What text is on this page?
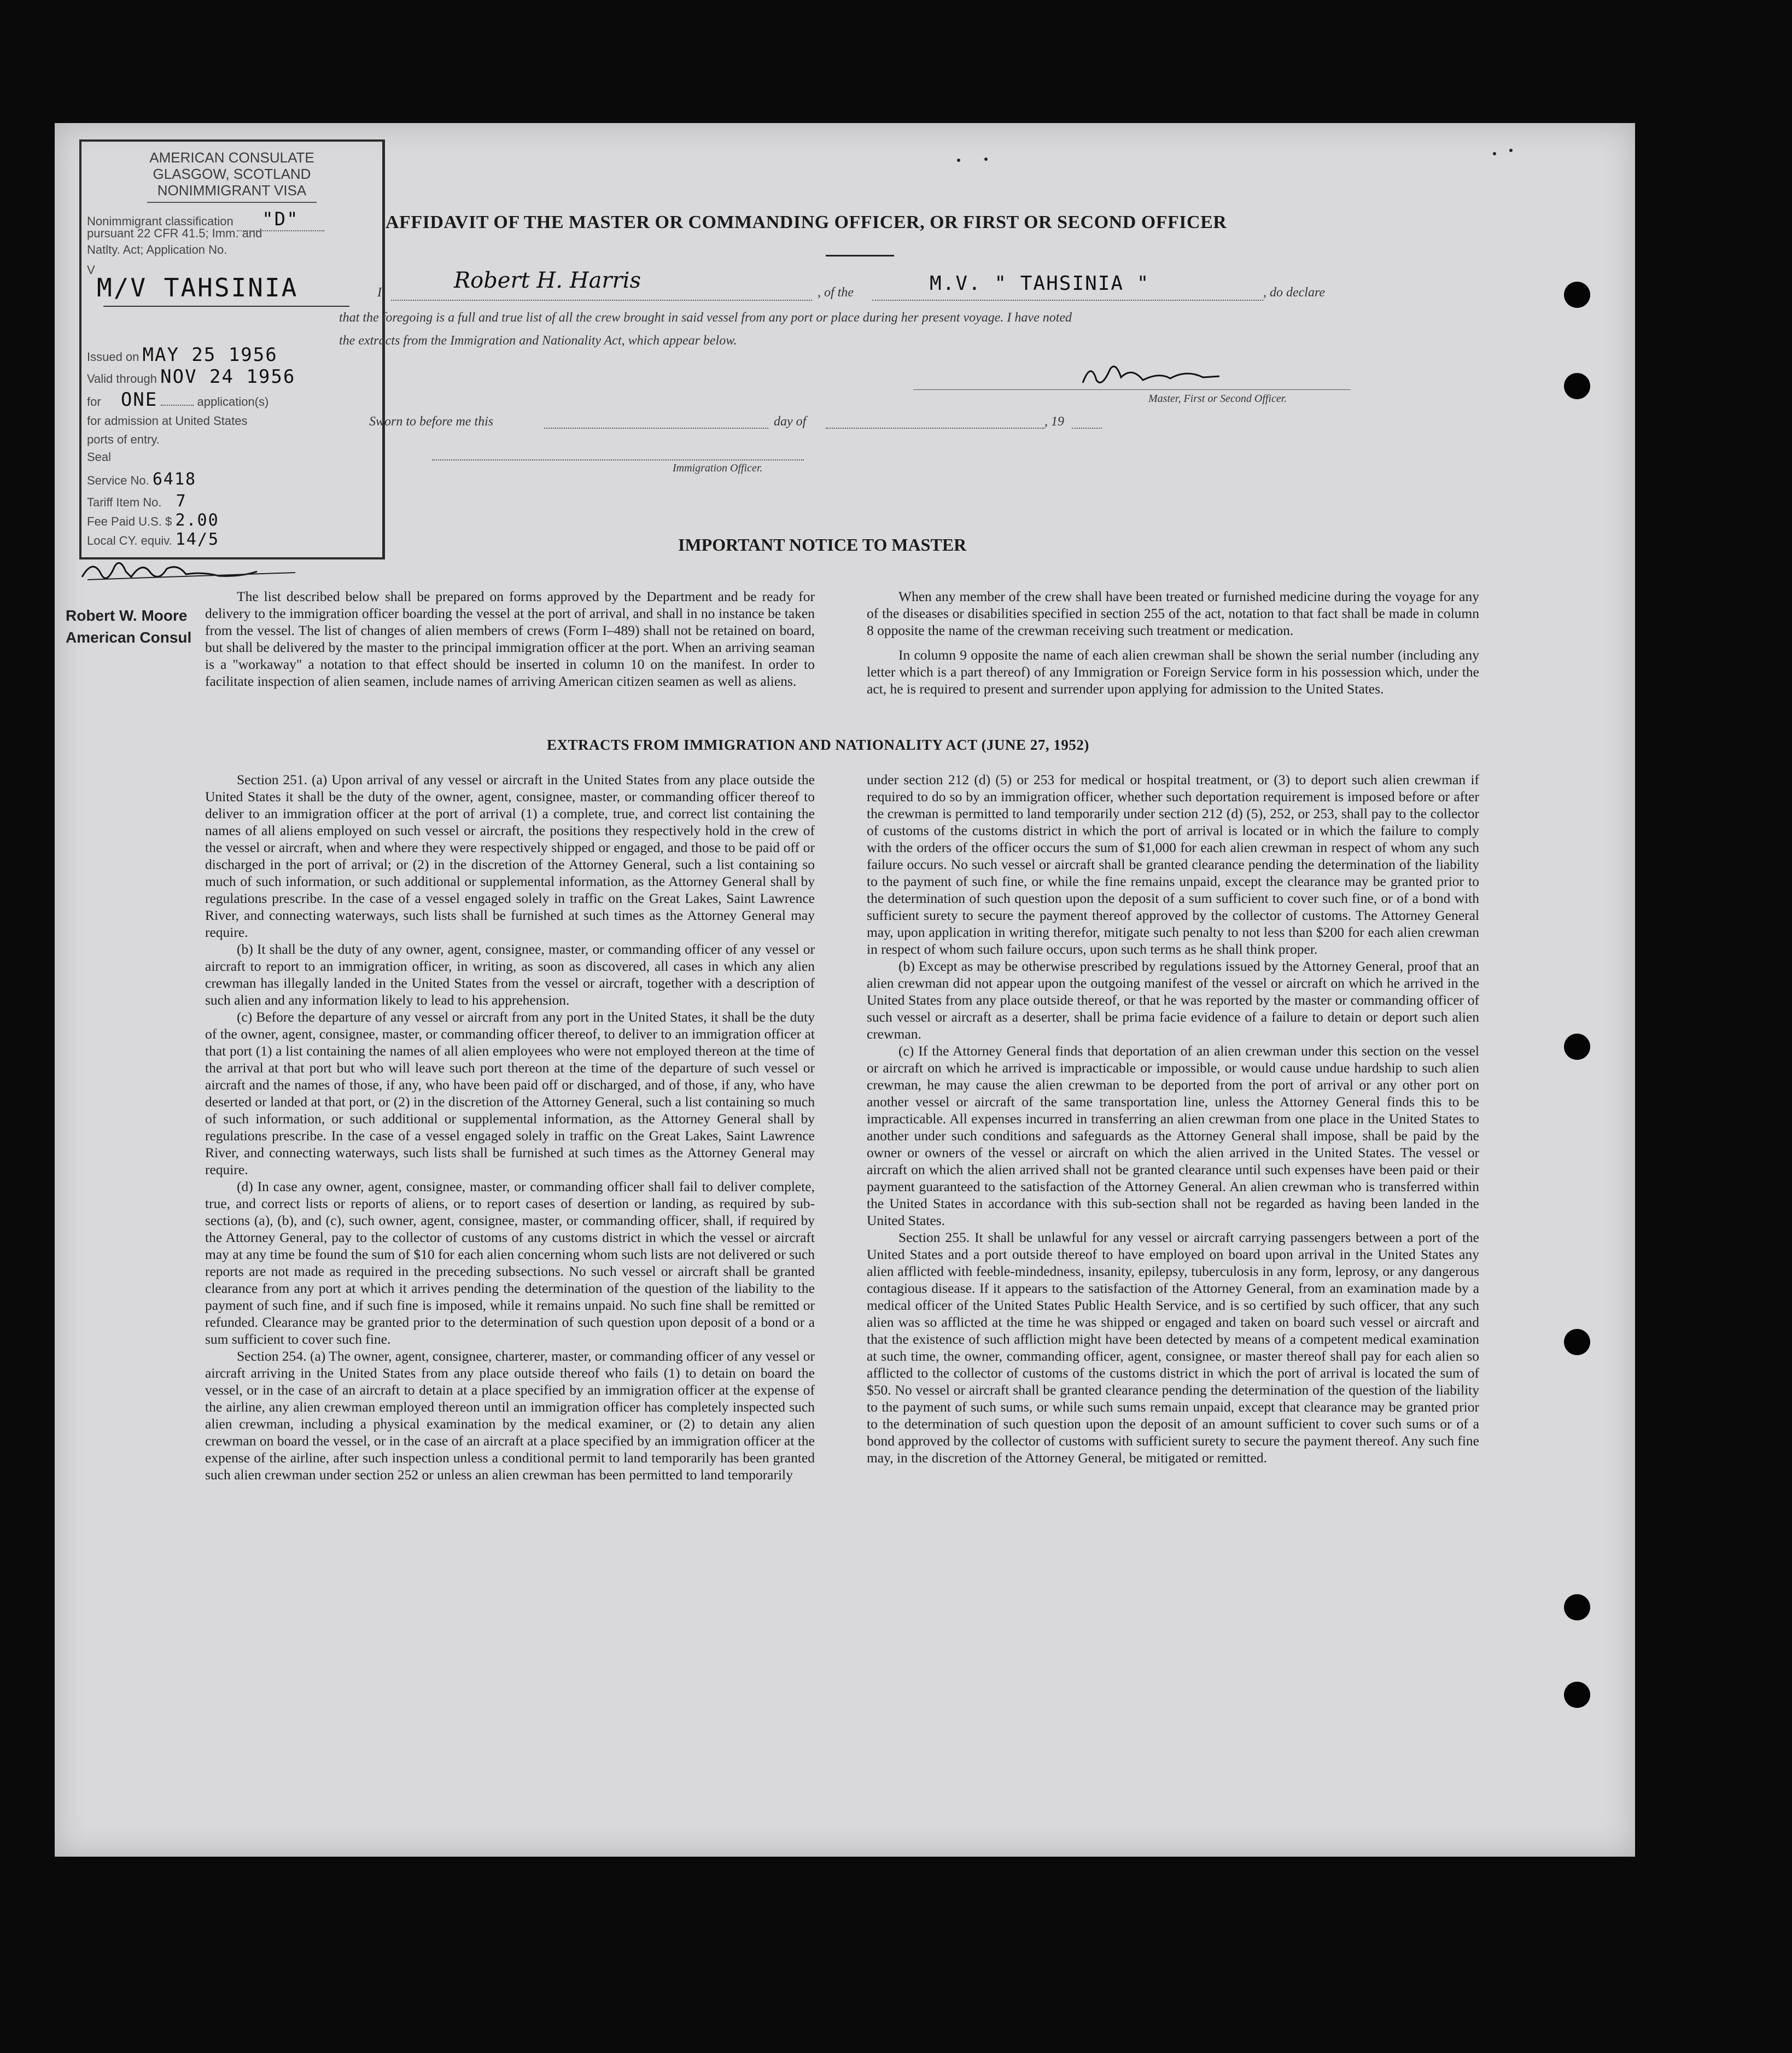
AMERICAN CONSULATE
GLASGOW, SCOTLAND
NONIMMIGRANT VISA
Nonimmigrant classification "D"
pursuant 22 CFR 41.5; Imm. and
Natlty. Act; Application No.
V
M/V TAHSINIA
Issued on MAY 25 1956
Valid through NOV 24 1956
for ONE	application(s)
for admission at United States
ports of entry.
Seal
Service No. 6418
Tariff Item No. 7
Fee Paid U.S. $ 2.00
Local CY. equiv. 14/5
Robert W. Moore
American Consul
AFFIDAVIT OF THE MASTER OR COMMANDING OFFICER, OR FIRST OR SECOND OFFICER
I,	Robert H. Harris	, of the	M.V. " TAHSINIA "	, do declare
that the foregoing is a full and true list of all the crew brought in said vessel from any port or place during her present voyage. I have noted
the extracts from the Immigration and Nationality Act, which appear below.
Master, First or Second Officer.
Sworn to before me this	day of	, 19
Immigration Officer.
IMPORTANT NOTICE TO MASTER

The list described below shall be prepared on forms approved by the Department and be ready for delivery to the immigration officer boarding the vessel at the port of arrival, and shall in no instance be taken from the vessel. The list of changes of alien members of crews (Form I–489) shall not be retained on board, but shall be delivered by the master to the principal immigration officer at the port. When an arriving seaman is a "workaway" a notation to that effect should be inserted in column 10 on the manifest. In order to facilitate inspection of alien seamen, include names of arriving American citizen seamen as well as aliens.

When any member of the crew shall have been treated or furnished medicine during the voyage for any of the diseases or disabilities specified in section 255 of the act, notation to that fact shall be made in column 8 opposite the name of the crewman receiving such treatment or medication.

In column 9 opposite the name of each alien crewman shall be shown the serial number (including any letter which is a part thereof) of any Immigration or Foreign Service form in his possession which, under the act, he is required to present and surrender upon applying for admission to the United States.

EXTRACTS FROM IMMIGRATION AND NATIONALITY ACT (JUNE 27, 1952)

Section 251. (a) Upon arrival of any vessel or aircraft in the United States from any place outside the United States it shall be the duty of the owner, agent, consignee, master, or commanding officer thereof to deliver to an immigration officer at the port of arrival (1) a complete, true, and correct list containing the names of all aliens employed on such vessel or aircraft, the positions they respectively hold in the crew of the vessel or aircraft, when and where they were respectively shipped or engaged, and those to be paid off or discharged in the port of arrival; or (2) in the discretion of the Attorney General, such a list containing so much of such information, or such additional or supplemental information, as the Attorney General shall by regulations prescribe. In the case of a vessel engaged solely in traffic on the Great Lakes, Saint Lawrence River, and connecting waterways, such lists shall be furnished at such times as the Attorney General may require.

(b) It shall be the duty of any owner, agent, consignee, master, or commanding officer of any vessel or aircraft to report to an immigration officer, in writing, as soon as discovered, all cases in which any alien crewman has illegally landed in the United States from the vessel or aircraft, together with a description of such alien and any information likely to lead to his apprehension.

(c) Before the departure of any vessel or aircraft from any port in the United States, it shall be the duty of the owner, agent, consignee, master, or commanding officer thereof, to deliver to an immigration officer at that port (1) a list containing the names of all alien employees who were not employed thereon at the time of the arrival at that port but who will leave such port thereon at the time of the departure of such vessel or aircraft and the names of those, if any, who have been paid off or discharged, and of those, if any, who have deserted or landed at that port, or (2) in the discretion of the Attorney General, such a list containing so much of such information, or such additional or supplemental information, as the Attorney General shall by regulations prescribe. In the case of a vessel engaged solely in traffic on the Great Lakes, Saint Lawrence River, and connecting waterways, such lists shall be furnished at such times as the Attorney General may require.

(d) In case any owner, agent, consignee, master, or commanding officer shall fail to deliver complete, true, and correct lists or reports of aliens, or to report cases of desertion or landing, as required by sub-sections (a), (b), and (c), such owner, agent, consignee, master, or commanding officer, shall, if required by the Attorney General, pay to the collector of customs of any customs district in which the vessel or aircraft may at any time be found the sum of $10 for each alien concerning whom such lists are not delivered or such reports are not made as required in the preceding subsections. No such vessel or aircraft shall be granted clearance from any port at which it arrives pending the determination of the question of the liability to the payment of such fine, and if such fine is imposed, while it remains unpaid. No such fine shall be remitted or refunded. Clearance may be granted prior to the determination of such question upon deposit of a bond or a sum sufficient to cover such fine.

Section 254. (a) The owner, agent, consignee, charterer, master, or commanding officer of any vessel or aircraft arriving in the United States from any place outside thereof who fails (1) to detain on board the vessel, or in the case of an aircraft to detain at a place specified by an immigration officer at the expense of the airline, any alien crewman employed thereon until an immigration officer has completely inspected such alien crewman, including a physical examination by the medical examiner, or (2) to detain any alien crewman on board the vessel, or in the case of an aircraft at a place specified by an immigration officer at the expense of the airline, after such inspection unless a conditional permit to land temporarily has been granted such alien crewman under section 252 or unless an alien crewman has been permitted to land temporarily

under section 212 (d) (5) or 253 for medical or hospital treatment, or (3) to deport such alien crewman if required to do so by an immigration officer, whether such deportation requirement is imposed before or after the crewman is permitted to land temporarily under section 212 (d) (5), 252, or 253, shall pay to the collector of customs of the customs district in which the port of arrival is located or in which the failure to comply with the orders of the officer occurs the sum of $1,000 for each alien crewman in respect of whom any such failure occurs. No such vessel or aircraft shall be granted clearance pending the determination of the liability to the payment of such fine, or while the fine remains unpaid, except the clearance may be granted prior to the determination of such question upon the deposit of a sum sufficient to cover such fine, or of a bond with sufficient surety to secure the payment thereof approved by the collector of customs. The Attorney General may, upon application in writing therefor, mitigate such penalty to not less than $200 for each alien crewman in respect of whom such failure occurs, upon such terms as he shall think proper.

(b) Except as may be otherwise prescribed by regulations issued by the Attorney General, proof that an alien crewman did not appear upon the outgoing manifest of the vessel or aircraft on which he arrived in the United States from any place outside thereof, or that he was reported by the master or commanding officer of such vessel or aircraft as a deserter, shall be prima facie evidence of a failure to detain or deport such alien crewman.

(c) If the Attorney General finds that deportation of an alien crewman under this section on the vessel or aircraft on which he arrived is impracticable or impossible, or would cause undue hardship to such alien crewman, he may cause the alien crewman to be deported from the port of arrival or any other port on another vessel or aircraft of the same transportation line, unless the Attorney General finds this to be impracticable. All expenses incurred in transferring an alien crewman from one place in the United States to another under such conditions and safeguards as the Attorney General shall impose, shall be paid by the owner or owners of the vessel or aircraft on which the alien arrived in the United States. The vessel or aircraft on which the alien arrived shall not be granted clearance until such expenses have been paid or their payment guaranteed to the satisfaction of the Attorney General. An alien crewman who is transferred within the United States in accordance with this sub-section shall not be regarded as having been landed in the United States.

Section 255. It shall be unlawful for any vessel or aircraft carrying passengers between a port of the United States and a port outside thereof to have employed on board upon arrival in the United States any alien afflicted with feeble-mindedness, insanity, epilepsy, tuberculosis in any form, leprosy, or any dangerous contagious disease. If it appears to the satisfaction of the Attorney General, from an examination made by a medical officer of the United States Public Health Service, and is so certified by such officer, that any such alien was so afflicted at the time he was shipped or engaged and taken on board such vessel or aircraft and that the existence of such affliction might have been detected by means of a competent medical examination at such time, the owner, commanding officer, agent, consignee, or master thereof shall pay for each alien so afflicted to the collector of customs of the customs district in which the port of arrival is located the sum of $50. No vessel or aircraft shall be granted clearance pending the determination of the question of the liability to the payment of such sums, or while such sums remain unpaid, except that clearance may be granted prior to the determination of such question upon the deposit of an amount sufficient to cover such sums or of a bond approved by the collector of customs with sufficient surety to secure the payment thereof. Any such fine may, in the discretion of the Attorney General, be mitigated or remitted.
